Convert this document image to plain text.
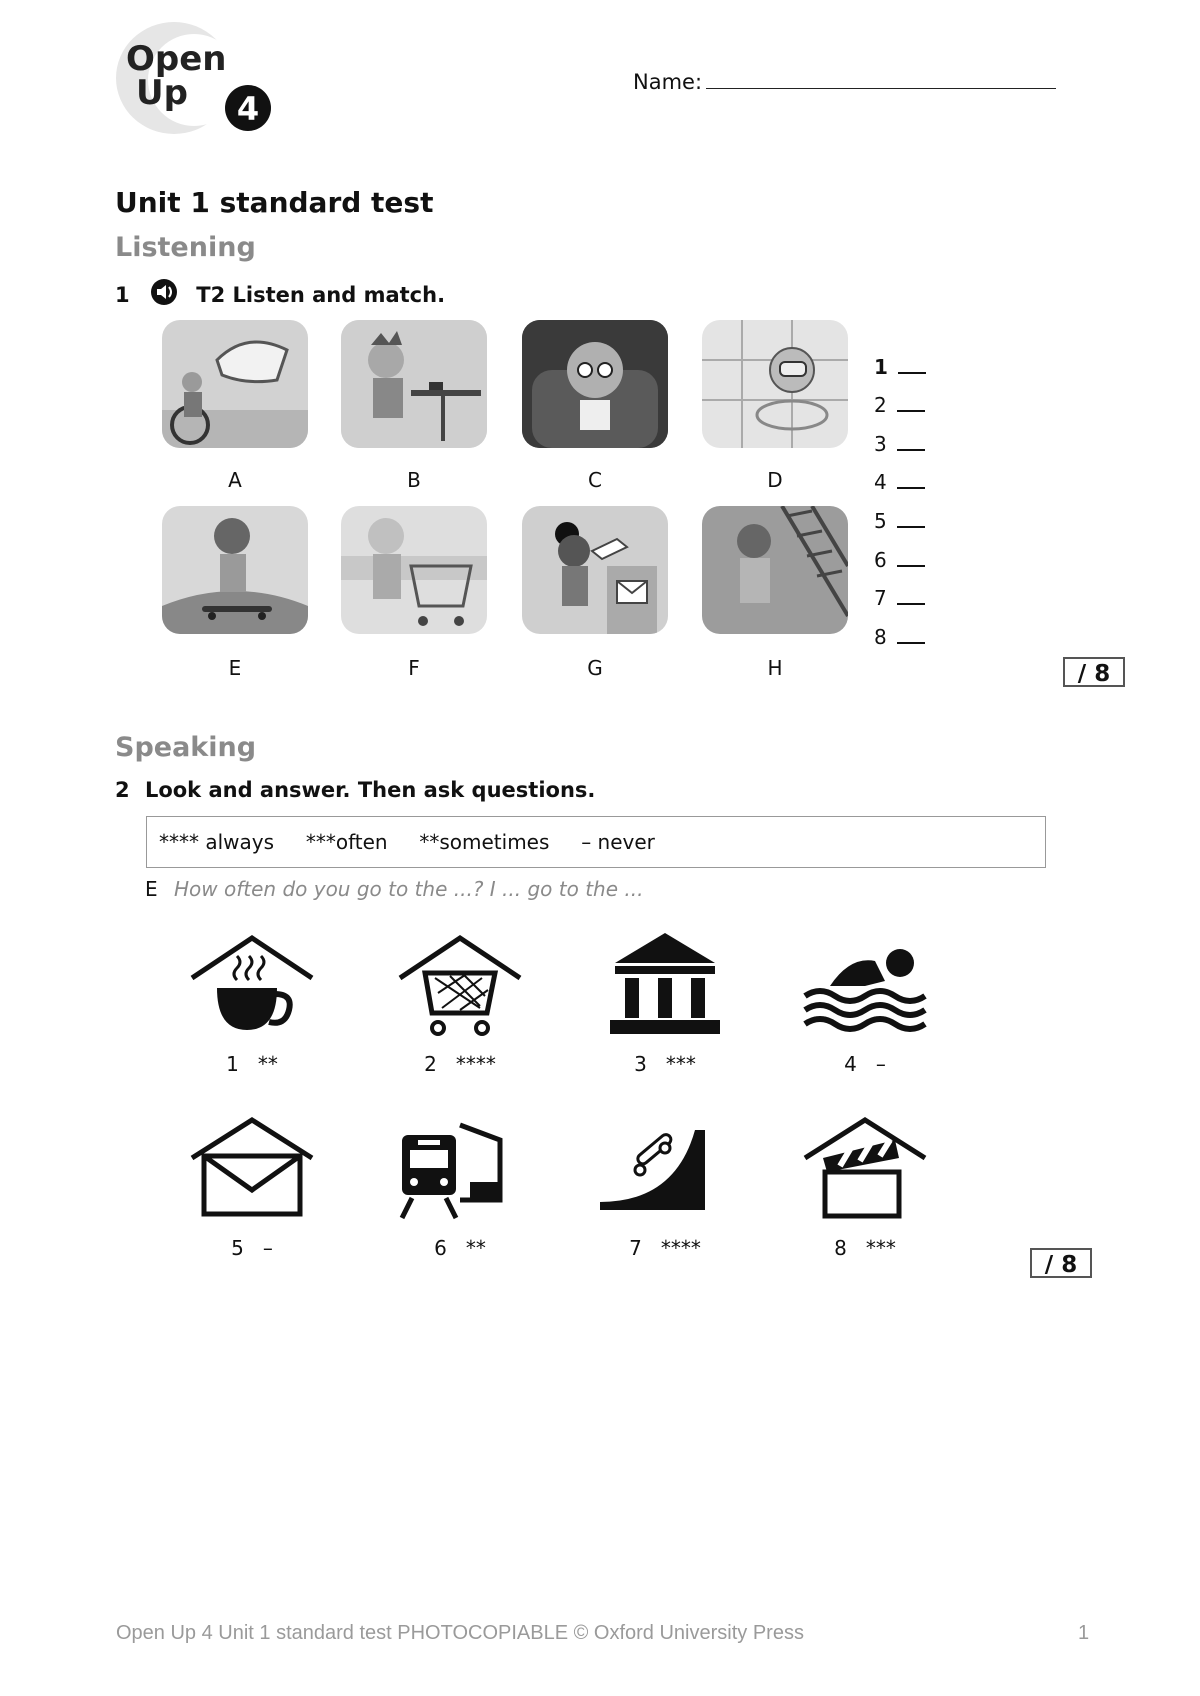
Open
Up 4
Name:
Unit 1 standard test
Listening
1	T2 Listen and match.
A	B	C	D
E	F	G	H
1
2
3
4
5
6
7
8
/ 8
Speaking
2 Look and answer. Then ask questions.
**** always     ***often     **sometimes     – never
E How often do you go to the ...? I ... go to the ...
1 **	2 ****	3 ***	4 –
5 –	6 **	7 ****	8 ***
/ 8
Open Up 4 Unit 1 standard test PHOTOCOPIABLE © Oxford University Press	1
